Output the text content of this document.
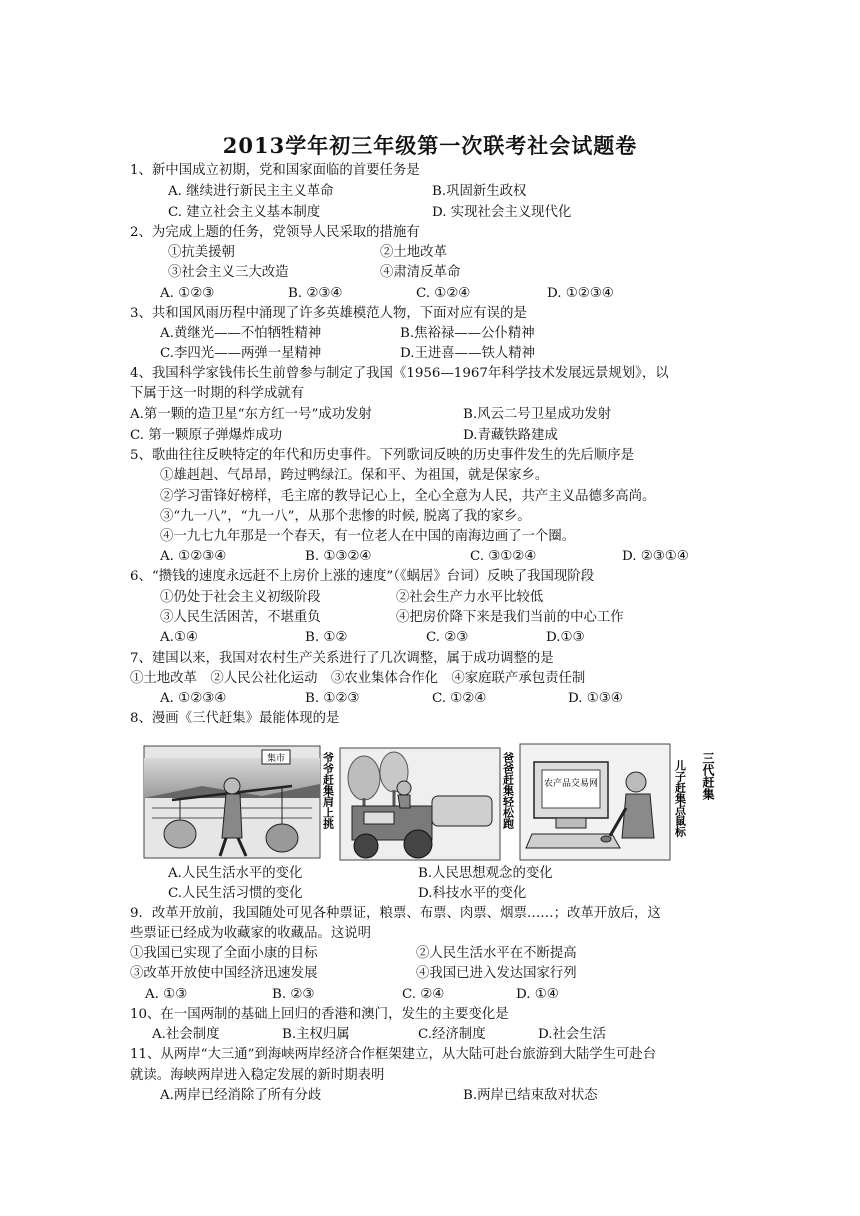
2013学年初三年级第一次联考社会试题卷
1、新中国成立初期，党和国家面临的首要任务是
A. 继续进行新民主主义革命	B.巩固新生政权
C. 建立社会主义基本制度	D. 实现社会主义现代化
2、为完成上题的任务，党领导人民采取的措施有
①抗美援朝	②土地改革
③社会主义三大改造	④肃清反革命
A. ①②③	B. ②③④	C. ①②④	D. ①②③④
3、共和国风雨历程中涌现了许多英雄模范人物，下面对应有误的是
A.黄继光——不怕牺牲精神	B.焦裕禄——公仆精神
C.李四光——两弹一星精神	D.王进喜——铁人精神
4、我国科学家钱伟长生前曾参与制定了我国《1956—1967年科学技术发展远景规划》，以
下属于这一时期的科学成就有
A.第一颗的造卫星“东方红一号”成功发射	B.风云二号卫星成功发射
C. 第一颗原子弹爆炸成功	D.青藏铁路建成
5、歌曲往往反映特定的年代和历史事件。下列歌词反映的历史事件发生的先后顺序是
①雄赳赳、气昂昂，跨过鸭绿江。保和平、为祖国，就是保家乡。
②学习雷锋好榜样，毛主席的教导记心上，全心全意为人民，共产主义品德多高尚。
③“九一八”，“九一八”，从那个悲惨的时候, 脱离了我的家乡。
④一九七九年那是一个春天，有一位老人在中国的南海边画了一个圈。
A. ①②③④	B. ①③②④	C. ③①②④	D. ②③①④
6、“攒钱的速度永远赶不上房价上涨的速度”（《蜗居》台词）反映了我国现阶段
①仍处于社会主义初级阶段	②社会生产力水平比较低
③人民生活困苦，不堪重负	④把房价降下来是我们当前的中心工作
A.①④	B. ①②	C. ②③	D.①③
7、建国以来，我国对农村生产关系进行了几次调整，属于成功调整的是
①土地改革　②人民公社化运动　③农业集体合作化　④家庭联产承包责任制
A. ①②③④	B. ①②③	C. ①②④	D. ①③④
8、漫画《三代赶集》最能体现的是
集市	爷爷赶集肩上挑	爸爸赶集轻松跑	农产品交易网	儿子赶集点鼠标 三代赶集
A.人民生活水平的变化	B.人民思想观念的变化
C.人民生活习惯的变化	D.科技水平的变化
9．改革开放前，我国随处可见各种票证，粮票、布票、肉票、烟票……；改革开放后，这
些票证已经成为收藏家的收藏品。这说明
①我国已实现了全面小康的目标	②人民生活水平在不断提高
③改革开放使中国经济迅速发展	④我国已进入发达国家行列
A. ①③	B. ②③	C. ②④	D. ①④
10、在一国两制的基础上回归的香港和澳门，发生的主要变化是
A.社会制度	B.主权归属	C.经济制度	D.社会生活
11、从两岸“大三通”到海峡两岸经济合作框架建立，从大陆可赴台旅游到大陆学生可赴台
就读。海峡两岸进入稳定发展的新时期表明
A.两岸已经消除了所有分歧	B.两岸已结束敌对状态
